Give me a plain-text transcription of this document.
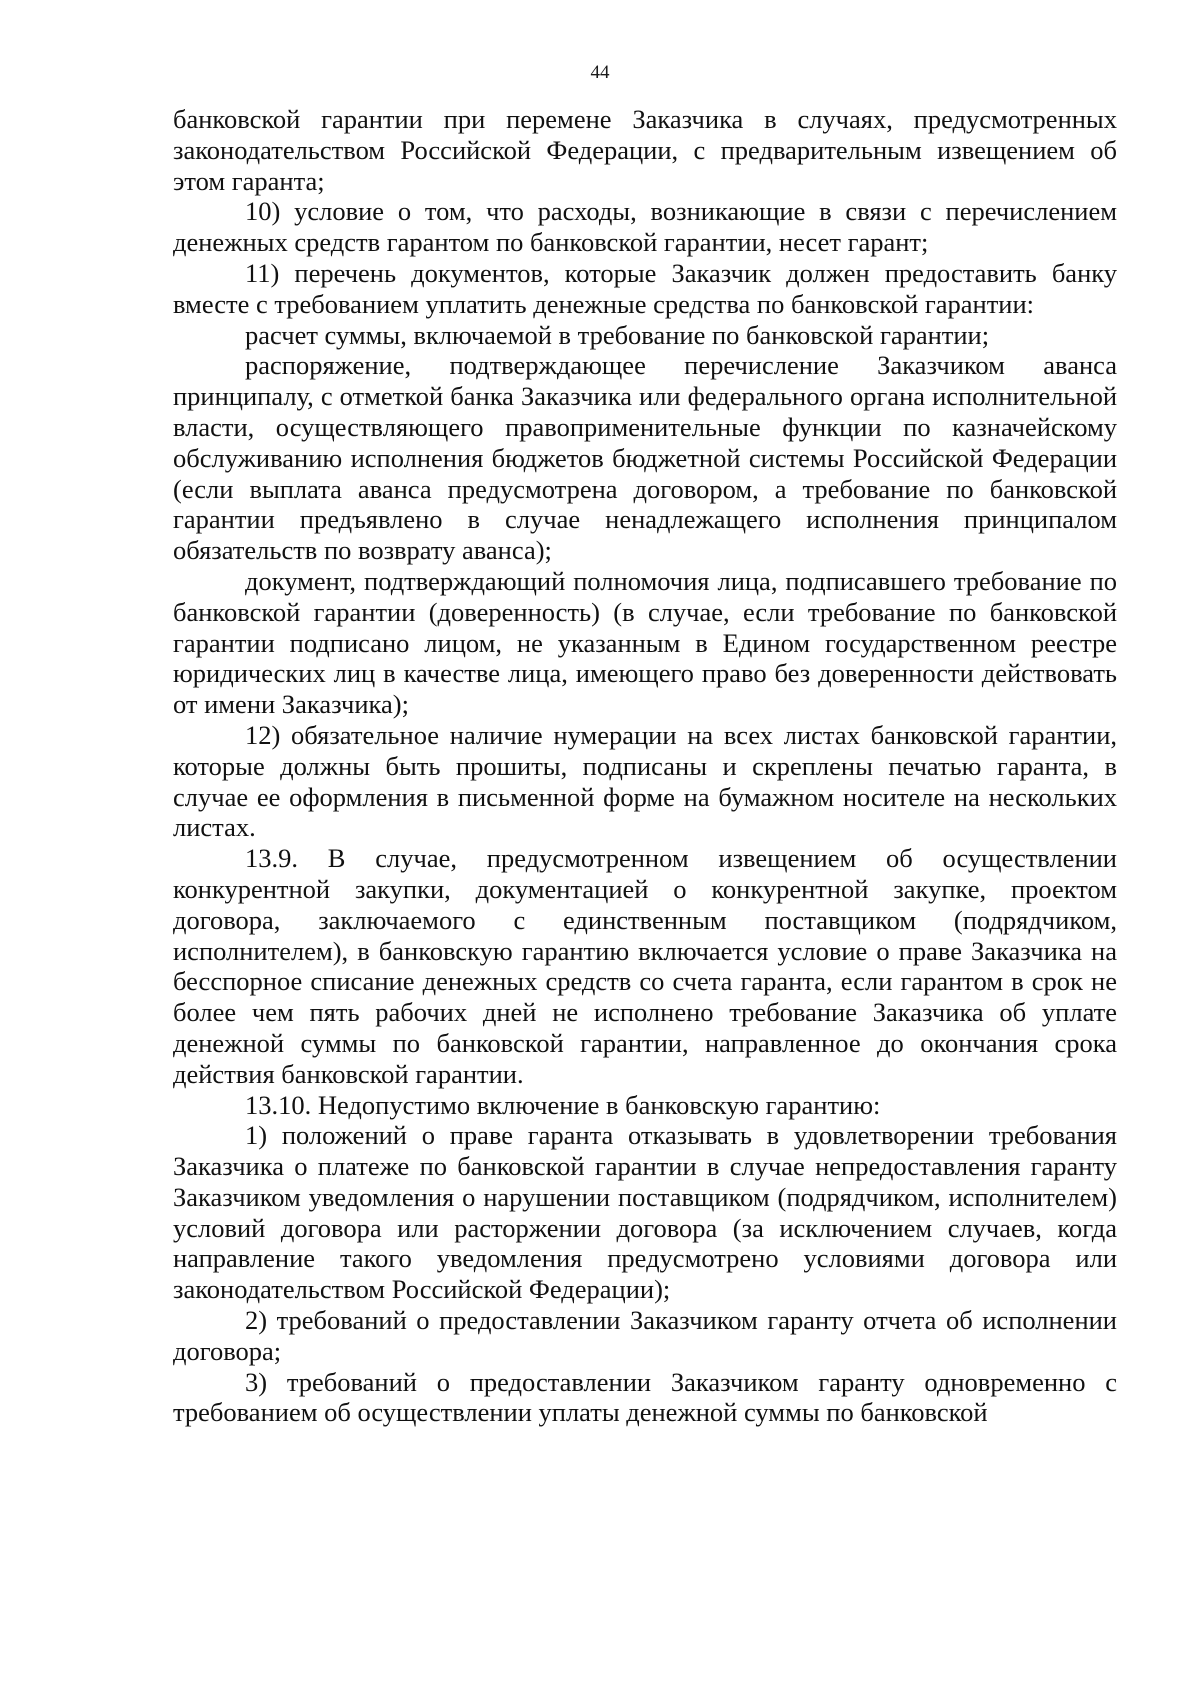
44

банковской гарантии при перемене Заказчика в случаях, предусмотренных законодательством Российской Федерации, с предварительным извещением об этом гаранта;

10) условие о том, что расходы, возникающие в связи с перечислением денежных средств гарантом по банковской гарантии, несет гарант;

11) перечень документов, которые Заказчик должен предоставить банку вместе с требованием уплатить денежные средства по банковской гарантии:

расчет суммы, включаемой в требование по банковской гарантии;

распоряжение, подтверждающее перечисление Заказчиком аванса принципалу, с отметкой банка Заказчика или федерального органа исполнительной власти, осуществляющего правоприменительные функции по казначейскому обслуживанию исполнения бюджетов бюджетной системы Российской Федерации (если выплата аванса предусмотрена договором, а требование по банковской гарантии предъявлено в случае ненадлежащего исполнения принципалом обязательств по возврату аванса);

документ, подтверждающий полномочия лица, подписавшего требование по банковской гарантии (доверенность) (в случае, если требование по банковской гарантии подписано лицом, не указанным в Едином государственном реестре юридических лиц в качестве лица, имеющего право без доверенности действовать от имени Заказчика);

12) обязательное наличие нумерации на всех листах банковской гарантии, которые должны быть прошиты, подписаны и скреплены печатью гаранта, в случае ее оформления в письменной форме на бумажном носителе на нескольких листах.

13.9. В случае, предусмотренном извещением об осуществлении конкурентной закупки, документацией о конкурентной закупке, проектом договора, заключаемого с единственным поставщиком (подрядчиком, исполнителем), в банковскую гарантию включается условие о праве Заказчика на бесспорное списание денежных средств со счета гаранта, если гарантом в срок не более чем пять рабочих дней не исполнено требование Заказчика об уплате денежной суммы по банковской гарантии, направленное до окончания срока действия банковской гарантии.

13.10. Недопустимо включение в банковскую гарантию:

1) положений о праве гаранта отказывать в удовлетворении требования Заказчика о платеже по банковской гарантии в случае непредоставления гаранту Заказчиком уведомления о нарушении поставщиком (подрядчиком, исполнителем) условий договора или расторжении договора (за исключением случаев, когда направление такого уведомления предусмотрено условиями договора или законодательством Российской Федерации);

2) требований о предоставлении Заказчиком гаранту отчета об исполнении договора;

3) требований о предоставлении Заказчиком гаранту одновременно с требованием об осуществлении уплаты денежной суммы по банковской
